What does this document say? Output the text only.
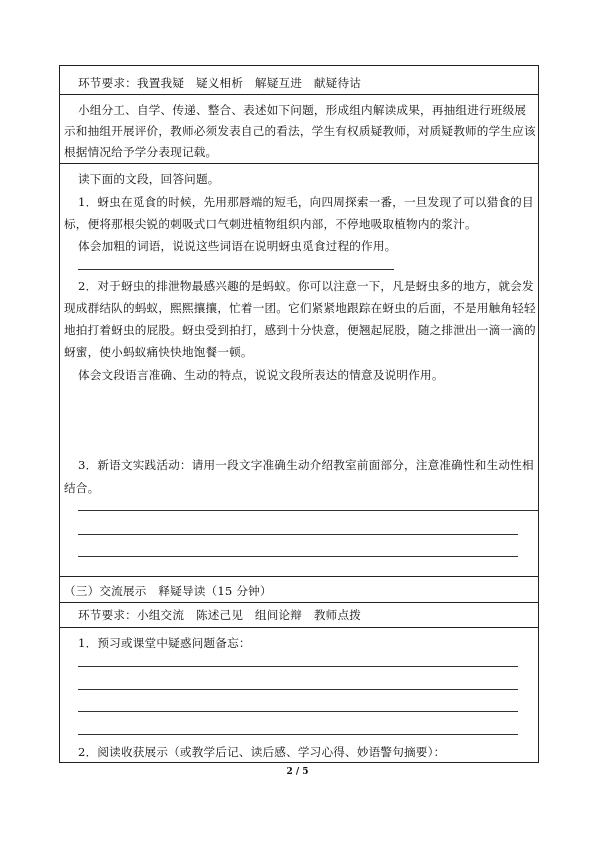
环节要求：我置我疑　疑义相析　解疑互进　献疑待诂
小组分工、自学、传递、整合、表述如下问题，形成组内解读成果，再抽组进行班级展
示和抽组开展评价，教师必须发表自己的看法，学生有权质疑教师，对质疑教师的学生应该
根据情况给予学分表现记载。
读下面的文段，回答问题。
1．蚜虫在觅食的时候，先用那唇端的短毛，向四周探索一番，一旦发现了可以猎食的目
标，便将那根尖锐的刺吸式口气刺进植物组织内部，不停地吸取植物内的浆汁。
体会加粗的词语，说说这些词语在说明蚜虫觅食过程的作用。
2．对于蚜虫的排泄物最感兴趣的是蚂蚁。你可以注意一下，凡是蚜虫多的地方，就会发
现成群结队的蚂蚁，熙熙攘攘，忙着一团。它们紧紧地跟踪在蚜虫的后面，不是用触角轻轻
地拍打着蚜虫的屁股。蚜虫受到拍打，感到十分快意，便翘起屁股，随之排泄出一滴一滴的
蚜蜜，使小蚂蚁痛快快地饱餐一顿。
体会文段语言准确、生动的特点，说说文段所表达的情意及说明作用。
3．新语文实践活动：请用一段文字准确生动介绍教室前面部分，注意准确性和生动性相
结合。
（三）交流展示　释疑导读（15 分钟）
环节要求：小组交流　陈述己见　组间论辩　教师点拨
1．预习或课堂中疑惑问题备忘：
2．阅读收获展示（或教学后记、读后感、学习心得、妙语警句摘要）：
2 / 5
